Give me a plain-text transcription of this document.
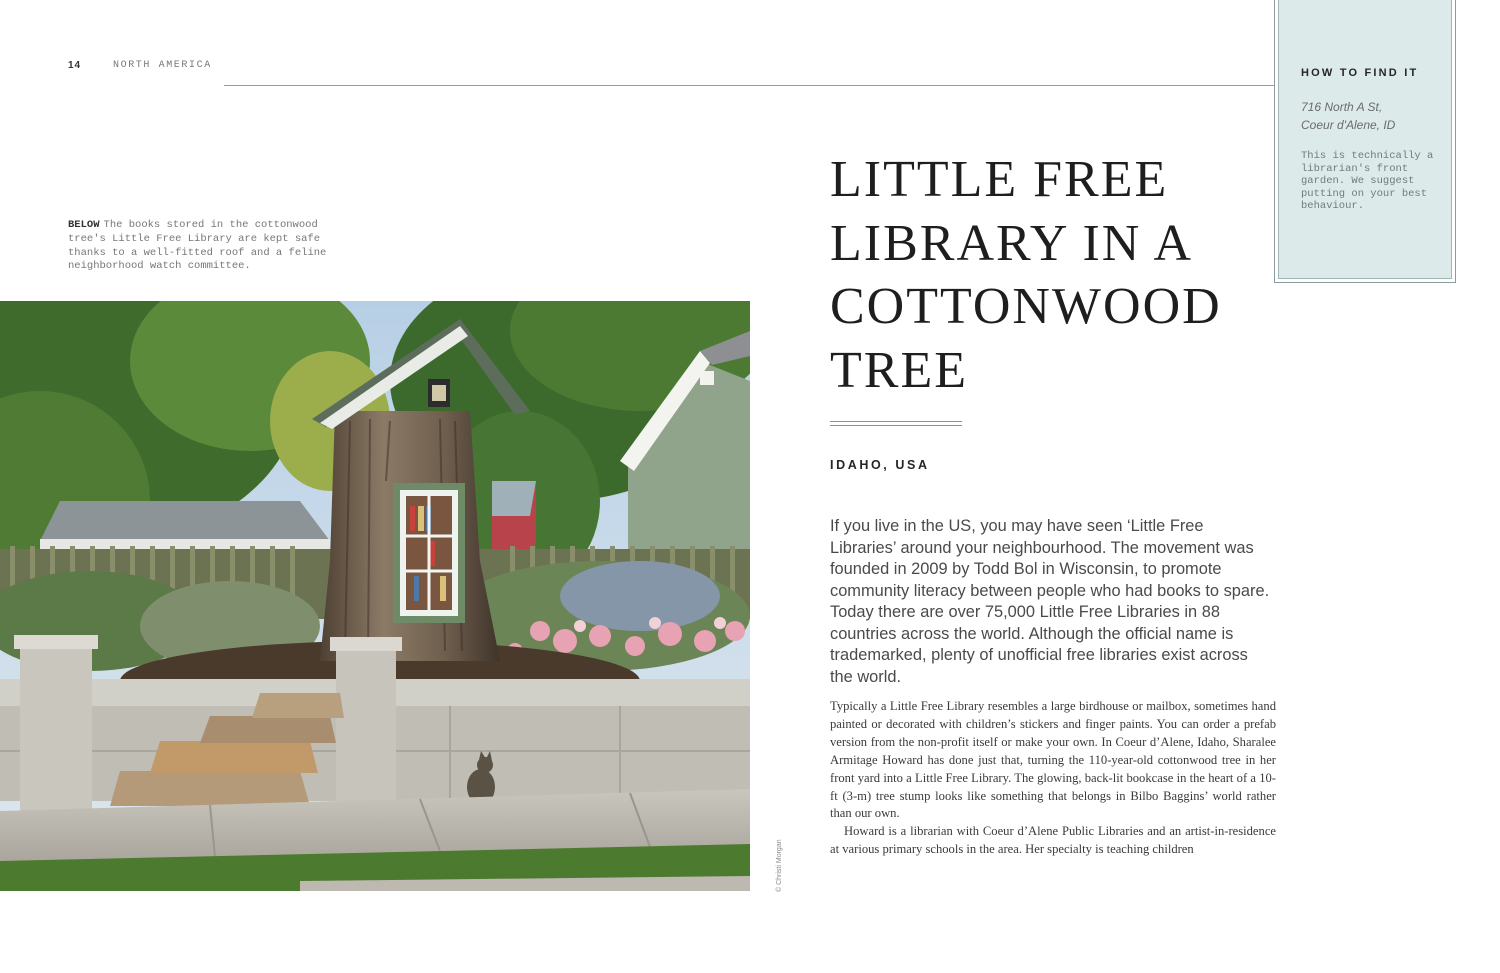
14	NORTH AMERICA
HOW TO FIND IT
716 North A St,
Coeur d'Alene, ID
This is technically a librarian's front garden. We suggest putting on your best behaviour.
BELOW The books stored in the cottonwood tree's Little Free Library are kept safe thanks to a well-fitted roof and a feline neighborhood watch committee.
© Christi Morgan
LITTLE FREE LIBRARY IN A COTTONWOOD TREE
IDAHO, USA
If you live in the US, you may have seen ‘Little Free Libraries’ around your neighbourhood. The movement was founded in 2009 by Todd Bol in Wisconsin, to promote community literacy between people who had books to spare. Today there are over 75,000 Little Free Libraries in 88 countries across the world. Although the official name is trademarked, plenty of unofficial free libraries exist across the world.

Typically a Little Free Library resembles a large birdhouse or mailbox, sometimes hand painted or decorated with children’s stickers and finger paints. You can order a prefab version from the non-profit itself or make your own. In Coeur d’Alene, Idaho, Sharalee Armitage Howard has done just that, turning the 110-year-old cottonwood tree in her front yard into a Little Free Library. The glowing, back-lit bookcase in the heart of a 10-ft (3-m) tree stump looks like something that belongs in Bilbo Baggins’ world rather than our own.

Howard is a librarian with Coeur d’Alene Public Libraries and an artist-in-residence at various primary schools in the area. Her specialty is teaching children
